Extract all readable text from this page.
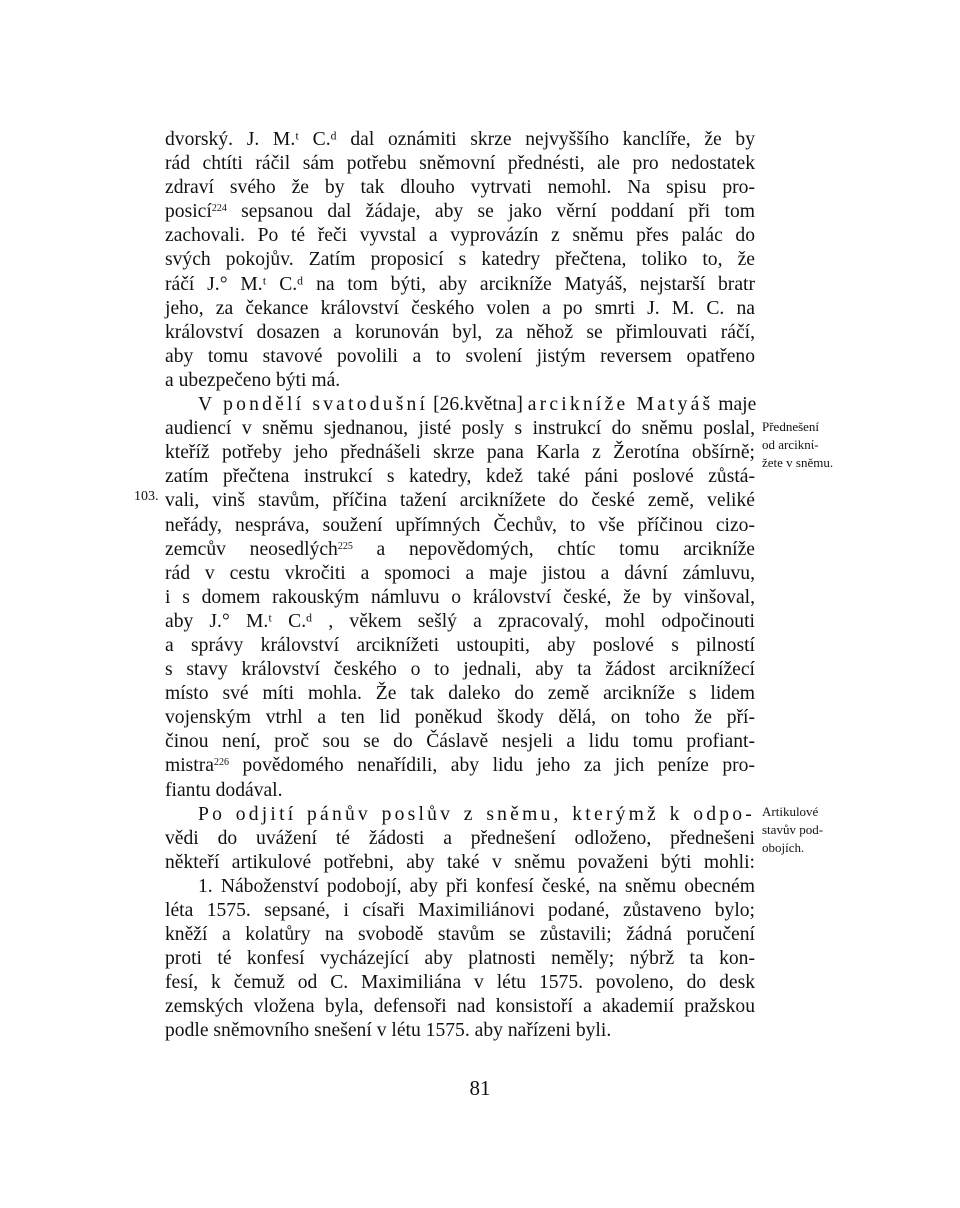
dvorský. J. M.ᵗ C.ᵈ dal oznámiti skrze nejvyššího kanclíře, že by
rád chtíti ráčil sám potřebu sněmovní přednésti, ale pro nedostatek
zdraví svého že by tak dlouho vytrvati nemohl. Na spisu pro-
posicí$^{224}$ sepsanou dal žádaje, aby se jako věrní poddaní při tom
zachovali. Po té řeči vyvstal a vyprovázín z sněmu přes palác do
svých pokojův. Zatím proposicí s katedry přečtena, toliko to, že
ráčí J.° M.ᵗ C.ᵈ na tom býti, aby arcikníže Matyáš, nejstarší bratr
jeho, za čekance království českého volen a po smrti J. M. C. na
království dosazen a korunován byl, za něhož se přimlouvati ráčí,
aby tomu stavové povolili a to svolení jistým reversem opatřeno
a ubezpečeno býti má.
V pondělí svatodušní [26.května] arcikníže Matyáš maje
audiencí v sněmu sjednanou, jisté posly s instrukcí do sněmu poslal,
kteříž potřeby jeho přednášeli skrze pana Karla z Žerotína obšírně;
zatím přečtena instrukcí s katedry, kdež také páni poslové zůstá-
vali, vinš stavům, příčina tažení arciknížete do české země, veliké
neřády, nesprávа, soužení upřímných Čechův, to vše příčinou cizo-
zemcův neosedlých$^{225}$ a nepovědomých, chtíc tomu arcikníže
rád v cestu vkročiti a spomoci a maje jistou a dávní zámluvu,
i s domem rakouským námluvu o království české, že by vinšoval,
aby J.° M.ᵗ C.ᵈ , věkem sešlý a zpracovalý, mohl odpočinouti
a správy království arciknížeti ustoupiti, aby poslové s pilností
s stavy království českého o to jednali, aby ta žádost arciknížecí
místo své míti mohla. Že tak daleko do země arcikníže s lidem
vojenským vtrhl a ten lid poněkud škody dělá, on toho že pří-
činou není, proč sou se do Čáslavě nesjeli a lidu tomu profiant-
mistra$^{226}$ povědomého nenařídili, aby lidu jeho za jich peníze pro-
fiantu dodával.
Po odjití pánův poslův z sněmu, kterýmž k odpo-
vědi do uvážení té žádosti a přednešení odloženo, přednešeni
někteří artikulové potřebni, aby také v sněmu považeni býti mohli:
1. Náboženství podobojí, aby při konfesí české, na sněmu obecném
léta 1575. sepsané, i císaři Maximiliánovi podané, zůstaveno bylo;
kněží a kolatůry na svobodě stavům se zůstavili; žádná poručení
proti té konfesí vycházející aby platnosti neměly; nýbrž ta kon-
fesí, k čemuž od C. Maximiliána v létu 1575. povoleno, do desk
zemských vložena byla, defensoři nad konsistoří a akademií pražskou
podle sněmovního snešení v létu 1575. aby nařízeni byli.
Přednešení
od arciknί-
žete v sněmu.
Artikulové
stavův pod-
obojích.
103.
81
